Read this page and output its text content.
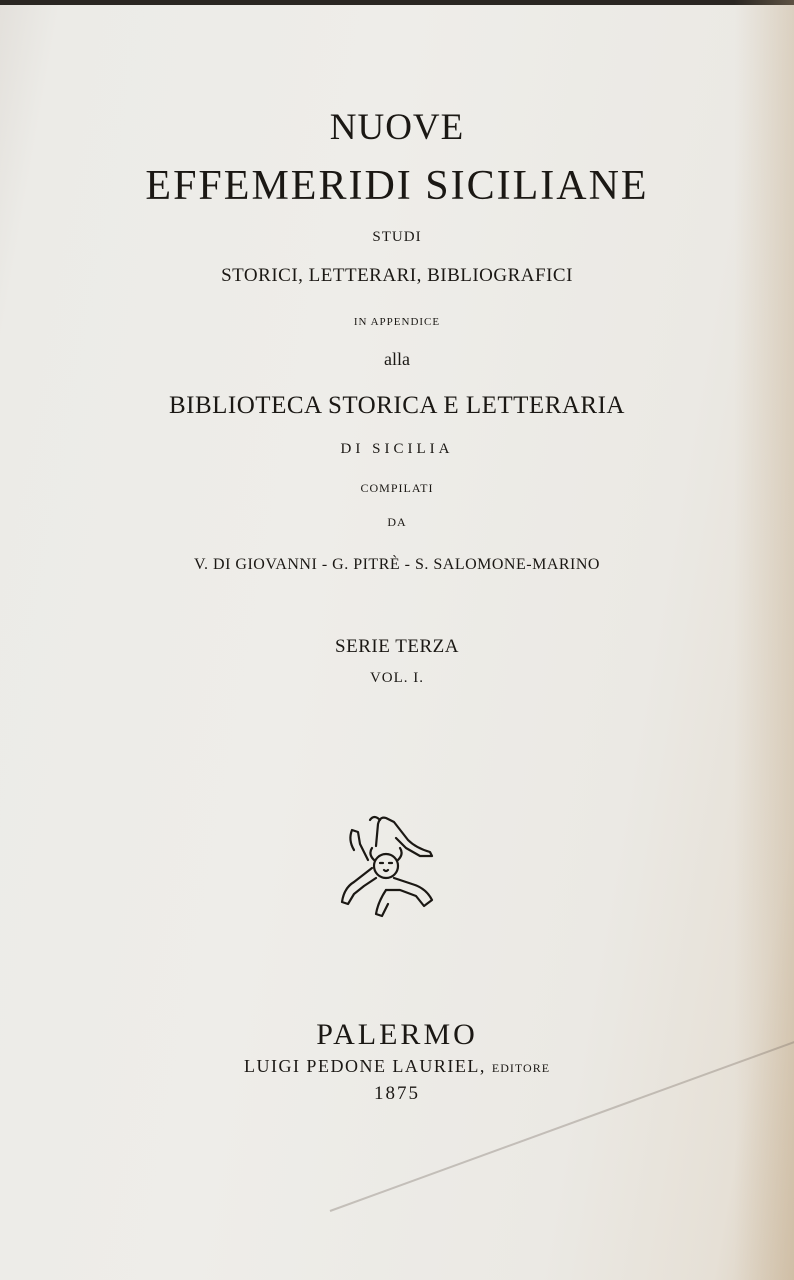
NUOVE
EFFEMERIDI SICILIANE
STUDI
STORICI, LETTERARI, BIBLIOGRAFICI
IN APPENDICE
alla
BIBLIOTECA STORICA E LETTERARIA
DI SICILIA
COMPILATI
DA
V. DI GIOVANNI - G. PITRÈ - S. SALOMONE-MARINO
SERIE TERZA
VOL. I.
PALERMO
LUIGI PEDONE LAURIEL, EDITORE
1875
